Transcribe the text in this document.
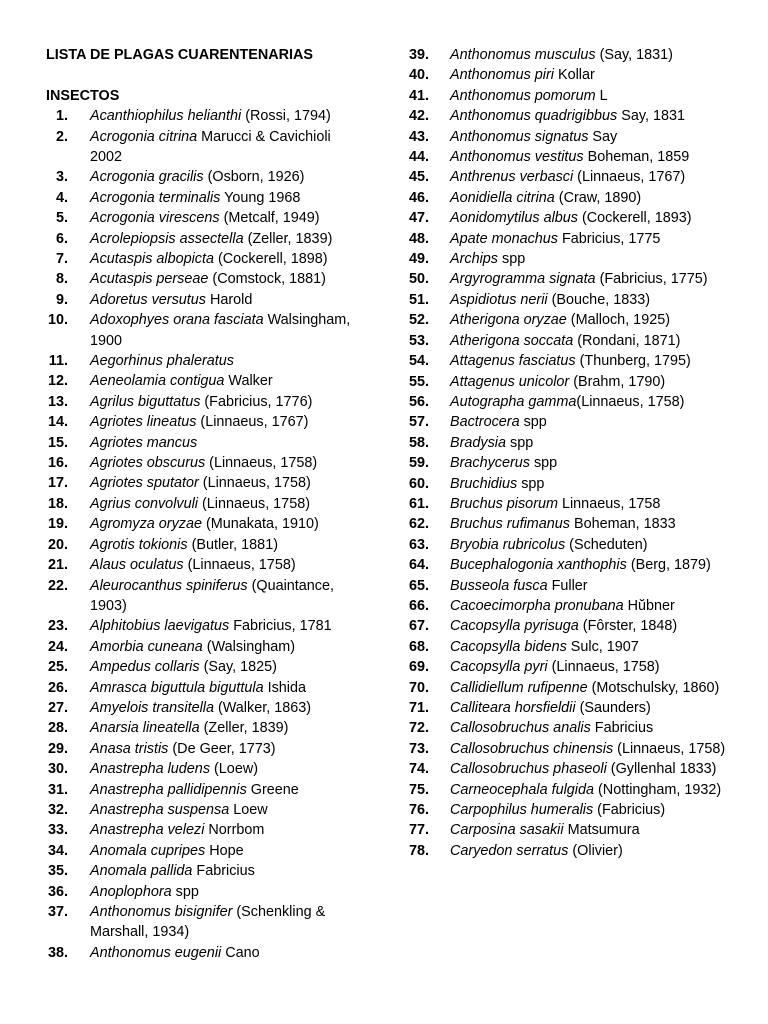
LISTA DE PLAGAS CUARENTENARIAS
INSECTOS
1. Acanthiophilus helianthi (Rossi, 1794)
2. Acrogonia citrina Marucci & Cavichioli 2002
3. Acrogonia gracilis (Osborn, 1926)
4. Acrogonia terminalis Young 1968
5. Acrogonia virescens (Metcalf, 1949)
6. Acrolepiopsis assectella (Zeller, 1839)
7. Acutaspis albopicta (Cockerell, 1898)
8. Acutaspis perseae (Comstock, 1881)
9. Adoretus versutus Harold
10. Adoxophyes orana fasciata Walsingham, 1900
11. Aegorhinus phaleratus
12. Aeneolamia contigua Walker
13. Agrilus biguttatus (Fabricius, 1776)
14. Agriotes lineatus (Linnaeus, 1767)
15. Agriotes mancus
16. Agriotes obscurus (Linnaeus, 1758)
17. Agriotes sputator (Linnaeus, 1758)
18. Agrius convolvuli (Linnaeus, 1758)
19. Agromyza oryzae (Munakata, 1910)
20. Agrotis tokionis (Butler, 1881)
21. Alaus oculatus (Linnaeus, 1758)
22. Aleurocanthus spiniferus (Quaintance, 1903)
23. Alphitobius laevigatus Fabricius, 1781
24. Amorbia cuneana (Walsingham)
25. Ampedus collaris (Say, 1825)
26. Amrasca biguttula biguttula Ishida
27. Amyelois transitella (Walker, 1863)
28. Anarsia lineatella (Zeller, 1839)
29. Anasa tristis (De Geer, 1773)
30. Anastrepha ludens (Loew)
31. Anastrepha pallidipennis Greene
32. Anastrepha suspensa Loew
33. Anastrepha velezi Norrbom
34. Anomala cupripes Hope
35. Anomala pallida Fabricius
36. Anoplophora spp
37. Anthonomus bisignifer (Schenkling & Marshall, 1934)
38. Anthonomus eugenii Cano
39. Anthonomus musculus (Say, 1831)
40. Anthonomus piri Kollar
41. Anthonomus pomorum L
42. Anthonomus quadrigibbus Say, 1831
43. Anthonomus signatus Say
44. Anthonomus vestitus Boheman, 1859
45. Anthrenus verbasci (Linnaeus, 1767)
46. Aonidiella citrina (Craw, 1890)
47. Aonidomytilus albus (Cockerell, 1893)
48. Apate monachus Fabricius, 1775
49. Archips spp
50. Argyrogramma signata (Fabricius, 1775)
51. Aspidiotus nerii (Bouche, 1833)
52. Atherigona oryzae (Malloch, 1925)
53. Atherigona soccata (Rondani, 1871)
54. Attagenus fasciatus (Thunberg, 1795)
55. Attagenus unicolor (Brahm, 1790)
56. Autographa gamma(Linnaeus, 1758)
57. Bactrocera spp
58. Bradysia spp
59. Brachycerus spp
60. Bruchidius spp
61. Bruchus pisorum Linnaeus, 1758
62. Bruchus rufimanus Boheman, 1833
63. Bryobia rubricolus (Scheduten)
64. Bucephalogonia xanthophis (Berg, 1879)
65. Busseola fusca Fuller
66. Cacoecimorpha pronubana Hŭbner
67. Cacopsylla pyrisuga (Fôrster, 1848)
68. Cacopsylla bidens Sulc, 1907
69. Cacopsylla pyri (Linnaeus, 1758)
70. Callidiellum rufipenne (Motschulsky, 1860)
71. Calliteara horsfieldii (Saunders)
72. Callosobruchus analis Fabricius
73. Callosobruchus chinensis (Linnaeus, 1758)
74. Callosobruchus phaseoli (Gyllenhal 1833)
75. Carneocephala fulgida (Nottingham, 1932)
76. Carpophilus humeralis (Fabricius)
77. Carposina sasakii Matsumura
78. Caryedon serratus (Olivier)
